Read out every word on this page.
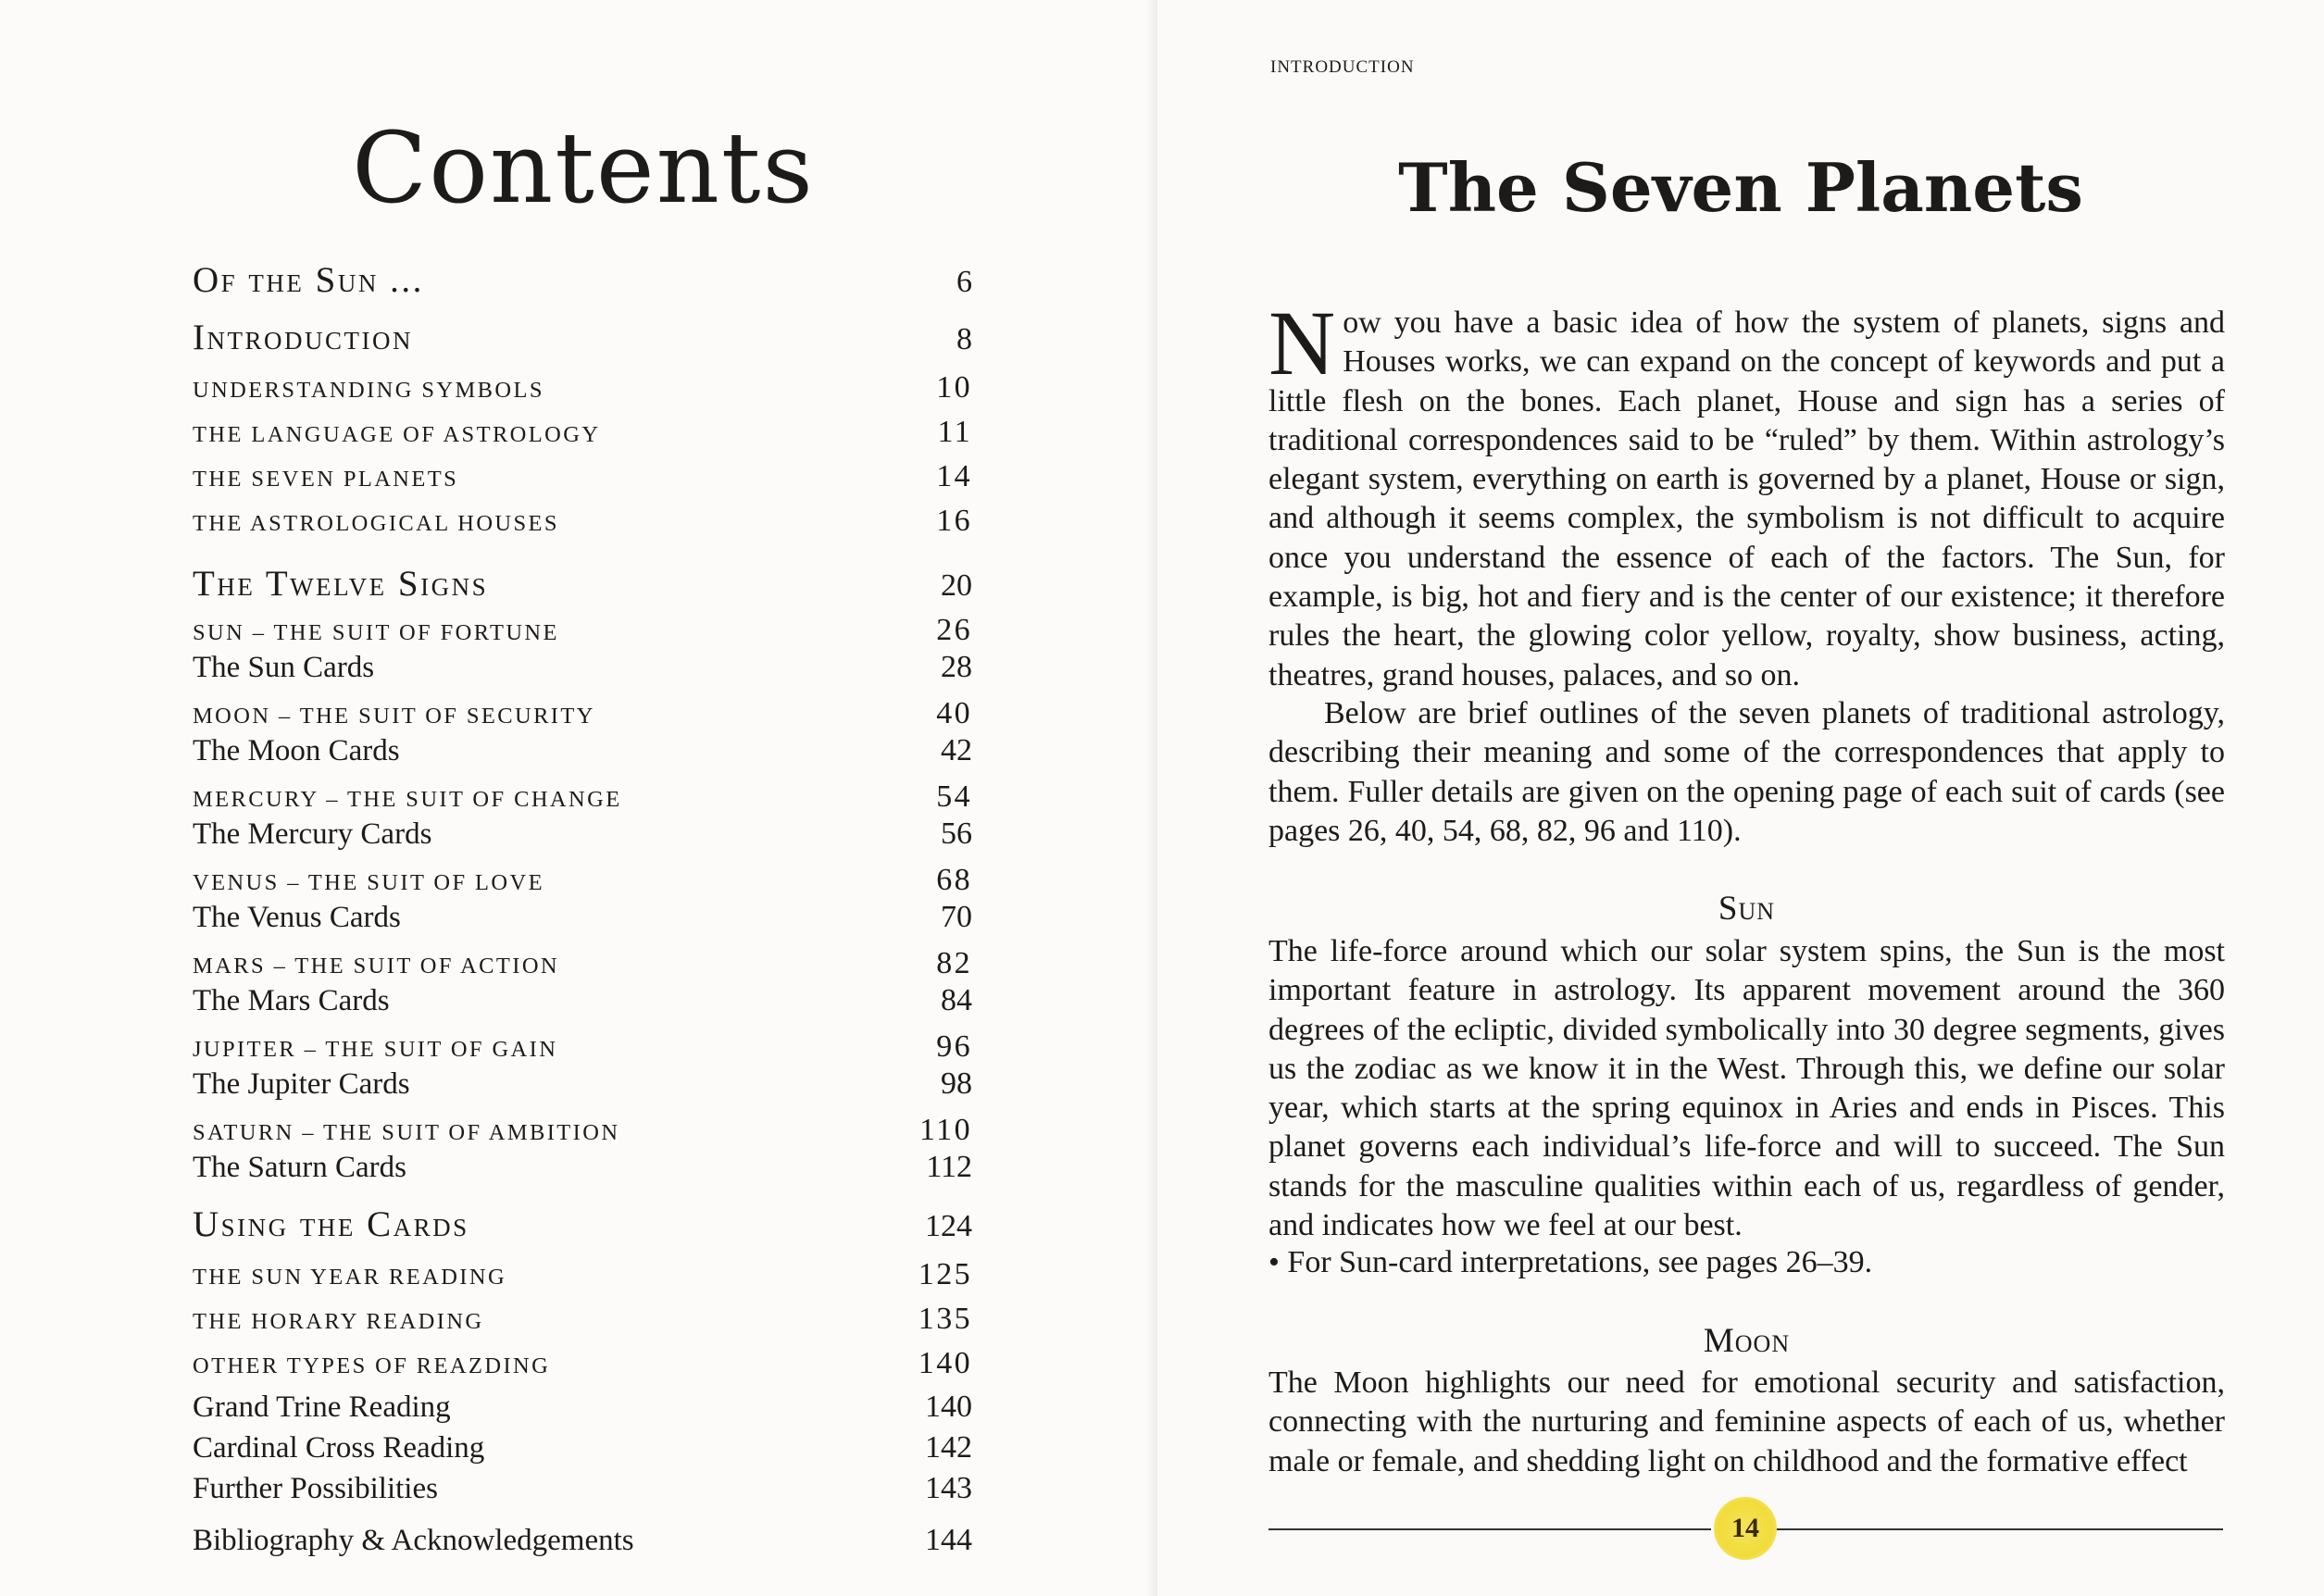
Contents
Of the Sun ...	6
Introduction	8
UNDERSTANDING SYMBOLS	10
THE LANGUAGE OF ASTROLOGY	11
THE SEVEN PLANETS	14
THE ASTROLOGICAL HOUSES	16
The Twelve Signs	20
SUN – THE SUIT OF FORTUNE	26
The Sun Cards	28
MOON – THE SUIT OF SECURITY	40
The Moon Cards	42
MERCURY – THE SUIT OF CHANGE	54
The Mercury Cards	56
VENUS – THE SUIT OF LOVE	68
The Venus Cards	70
MARS – THE SUIT OF ACTION	82
The Mars Cards	84
JUPITER – THE SUIT OF GAIN	96
The Jupiter Cards	98
SATURN – THE SUIT OF AMBITION	110
The Saturn Cards	112
Using the Cards	124
THE SUN YEAR READING	125
THE HORARY READING	135
OTHER TYPES OF REAZDING	140
Grand Trine Reading	140
Cardinal Cross Reading	142
Further Possibilities	143
Bibliography & Acknowledgements	144
INTRODUCTION
The Seven Planets

Now you have a basic idea of how the system of planets, signs and Houses works, we can expand on the concept of keywords and put a little flesh on the bones. Each planet, House and sign has a series of traditional correspondences said to be “ruled” by them. Within astrology’s elegant system, everything on earth is governed by a planet, House or sign, and although it seems complex, the symbolism is not difficult to acquire once you understand the essence of each of the factors. The Sun, for example, is big, hot and fiery and is the center of our existence; it therefore rules the heart, the glowing color yellow, royalty, show business, acting, theatres, grand houses, palaces, and so on.

Below are brief outlines of the seven planets of traditional astrology, describing their meaning and some of the correspondences that apply to them. Fuller details are given on the opening page of each suit of cards (see pages 26, 40, 54, 68, 82, 96 and 110).

Sun

The life-force around which our solar system spins, the Sun is the most important feature in astrology. Its apparent movement around the 360 degrees of the ecliptic, divided symbolically into 30 degree segments, gives us the zodiac as we know it in the West. Through this, we define our solar year, which starts at the spring equinox in Aries and ends in Pisces. This planet governs each individual’s life-force and will to succeed. The Sun stands for the masculine qualities within each of us, regardless of gender, and indicates how we feel at our best.

• For Sun-card interpretations, see pages 26–39.

Moon

The Moon highlights our need for emotional security and satisfaction, connecting with the nurturing and feminine aspects of each of us, whether male or female, and shedding light on childhood and the formative effect

14
